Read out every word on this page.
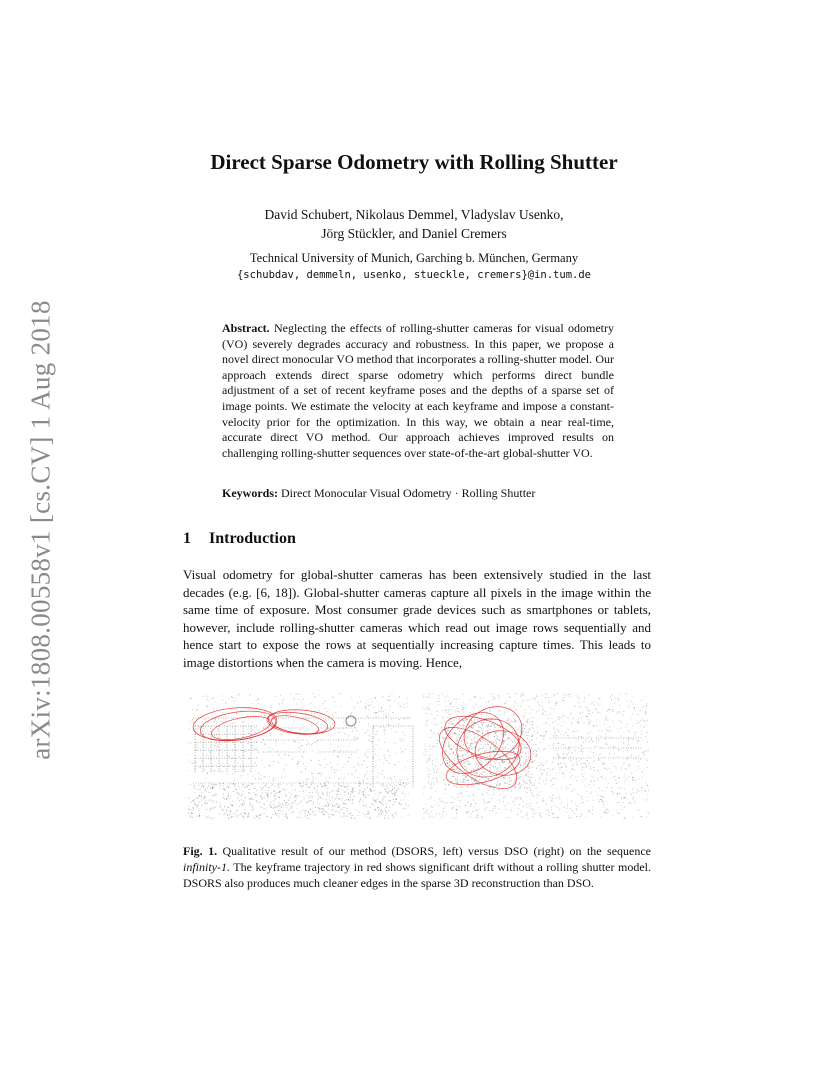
arXiv:1808.00558v1 [cs.CV] 1 Aug 2018
Direct Sparse Odometry with Rolling Shutter
David Schubert, Nikolaus Demmel, Vladyslav Usenko,
Jörg Stückler, and Daniel Cremers
Technical University of Munich, Garching b. München, Germany
{schubdav, demmeln, usenko, stueckle, cremers}@in.tum.de
Abstract. Neglecting the effects of rolling-shutter cameras for visual odometry (VO) severely degrades accuracy and robustness. In this paper, we propose a novel direct monocular VO method that incorporates a rolling-shutter model. Our approach extends direct sparse odometry which performs direct bundle adjustment of a set of recent keyframe poses and the depths of a sparse set of image points. We estimate the velocity at each keyframe and impose a constant-velocity prior for the optimization. In this way, we obtain a near real-time, accurate direct VO method. Our approach achieves improved results on challenging rolling-shutter sequences over state-of-the-art global-shutter VO.
Keywords: Direct Monocular Visual Odometry · Rolling Shutter
1 Introduction
Visual odometry for global-shutter cameras has been extensively studied in the last decades (e.g. [6, 18]). Global-shutter cameras capture all pixels in the image within the same time of exposure. Most consumer grade devices such as smartphones or tablets, however, include rolling-shutter cameras which read out image rows sequentially and hence start to expose the rows at sequentially increasing capture times. This leads to image distortions when the camera is moving. Hence,
Fig. 1. Qualitative result of our method (DSORS, left) versus DSO (right) on the sequence infinity-1. The keyframe trajectory in red shows significant drift without a rolling shutter model. DSORS also produces much cleaner edges in the sparse 3D reconstruction than DSO.
